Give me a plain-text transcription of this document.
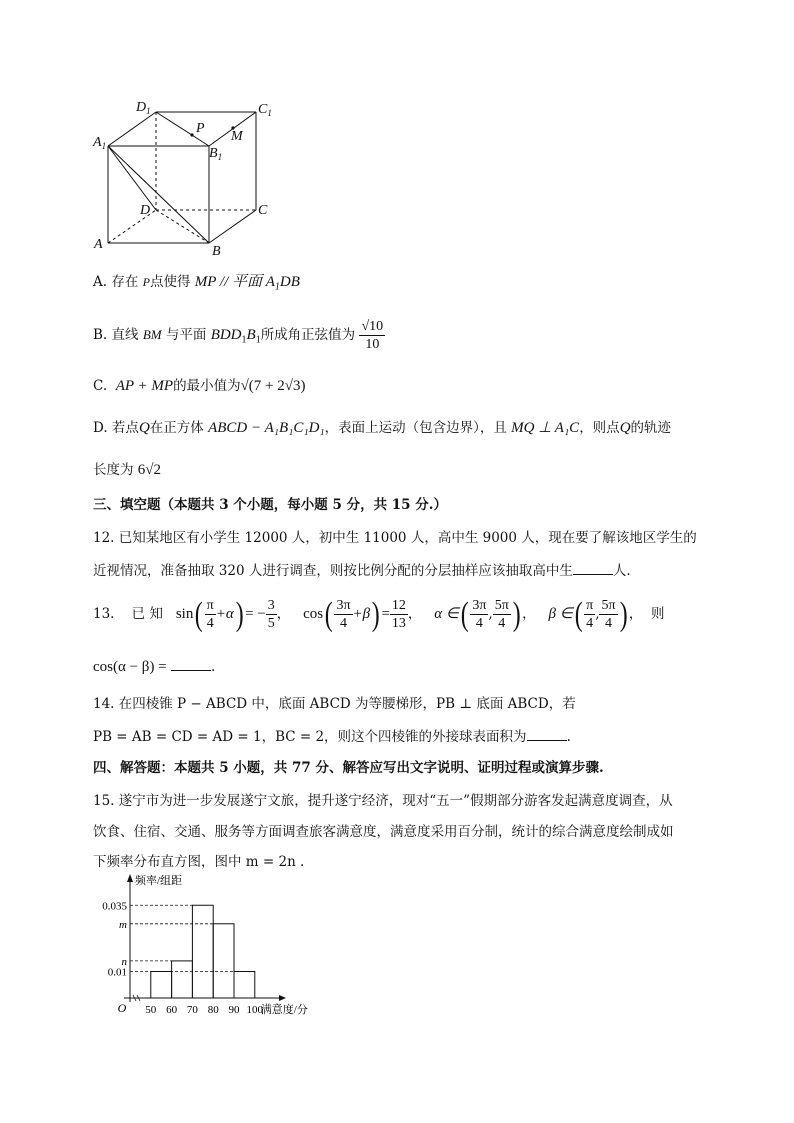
$D_1$	$C_1$
$A_1$	$B_1$
P
M
D	C
A	B
A. 存在 P点使得 MP // 平面 $A_1DB$
B. 直线 BM 与平面 $BDD_1B_1$所成角正弦值为 $\frac{√10}{10}$
C. AP + MP的最小值为√(7 + 2√3)
D. 若点Q在正方体 ABCD − A₁B₁C₁D₁，表面上运动（包含边界），且 MQ ⊥ A₁C，则点Q的轨迹
长度为 6√2
三、填空题（本题共 3 个小题，每小题 5 分，共 15 分.）
12. 已知某地区有小学生 12000 人，初中生 11000 人，高中生 9000 人，现在要了解该地区学生的
近视情况，准备抽取 320 人进行调查，则按比例分配的分层抽样应该抽取高中生	人.
13. 已 知 $\sin( \frac{\pi}{4} +\alpha)$ = − $\frac{3}{5}$ ，   $\cos( \frac{3\pi}{4} +\beta) = \frac{12}{13}$ ，   α ∈( $\frac{3\pi}{4}$ , $\frac{5\pi}{4}$ ) ，   β ∈( $\frac{\pi}{4}$ , $\frac{5\pi}{4}$ ) ，  则
cos(α − β) =	.
14. 在四棱锥 P − ABCD 中，底面 ABCD 为等腰梯形，PB ⊥ 底面 ABCD，若
PB = AB = CD = AD = 1，BC = 2，则这个四棱锥的外接球表面积为	.
四、解答题：本题共 5 小题，共 77 分、解答应写出文字说明、证明过程或演算步骤.
15. 遂宁市为进一步发展遂宁文旅，提升遂宁经济，现对“五一”假期部分游客发起满意度调查，从
饮食、住宿、交通、服务等方面调查旅客满意度，满意度采用百分制，统计的综合满意度绘制成如
下频率分布直方图，图中 m = 2n .
0.035
m
n
0.01
50 60 70 80 90 100
O	满意度/分
频率/组距
